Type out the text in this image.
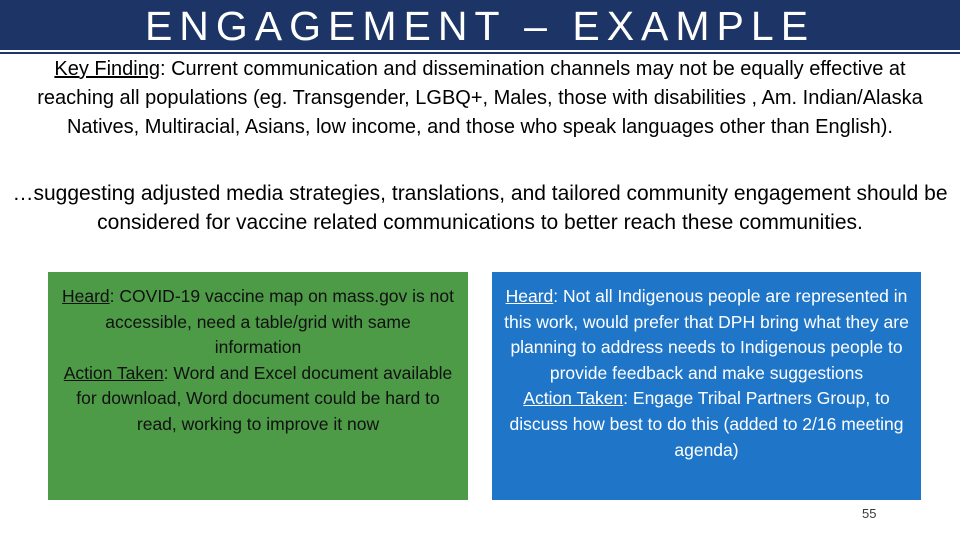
ENGAGEMENT – EXAMPLE
Key Finding: Current communication and dissemination channels may not be equally effective at reaching all populations (eg. Transgender, LGBQ+, Males, those with disabilities , Am. Indian/Alaska Natives, Multiracial, Asians, low income, and those who speak languages other than English).
…suggesting adjusted media strategies, translations, and tailored community engagement should be considered for vaccine related communications to better reach these communities.
Heard: COVID-19 vaccine map on mass.gov is not accessible, need a table/grid with same information
Action Taken: Word and Excel document available for download, Word document could be hard to read, working to improve it now
Heard: Not all Indigenous people are represented in this work, would prefer that DPH bring what they are planning to address needs to Indigenous people to provide feedback and make suggestions
Action Taken: Engage Tribal Partners Group, to discuss how best to do this (added to 2/16 meeting agenda)
55
